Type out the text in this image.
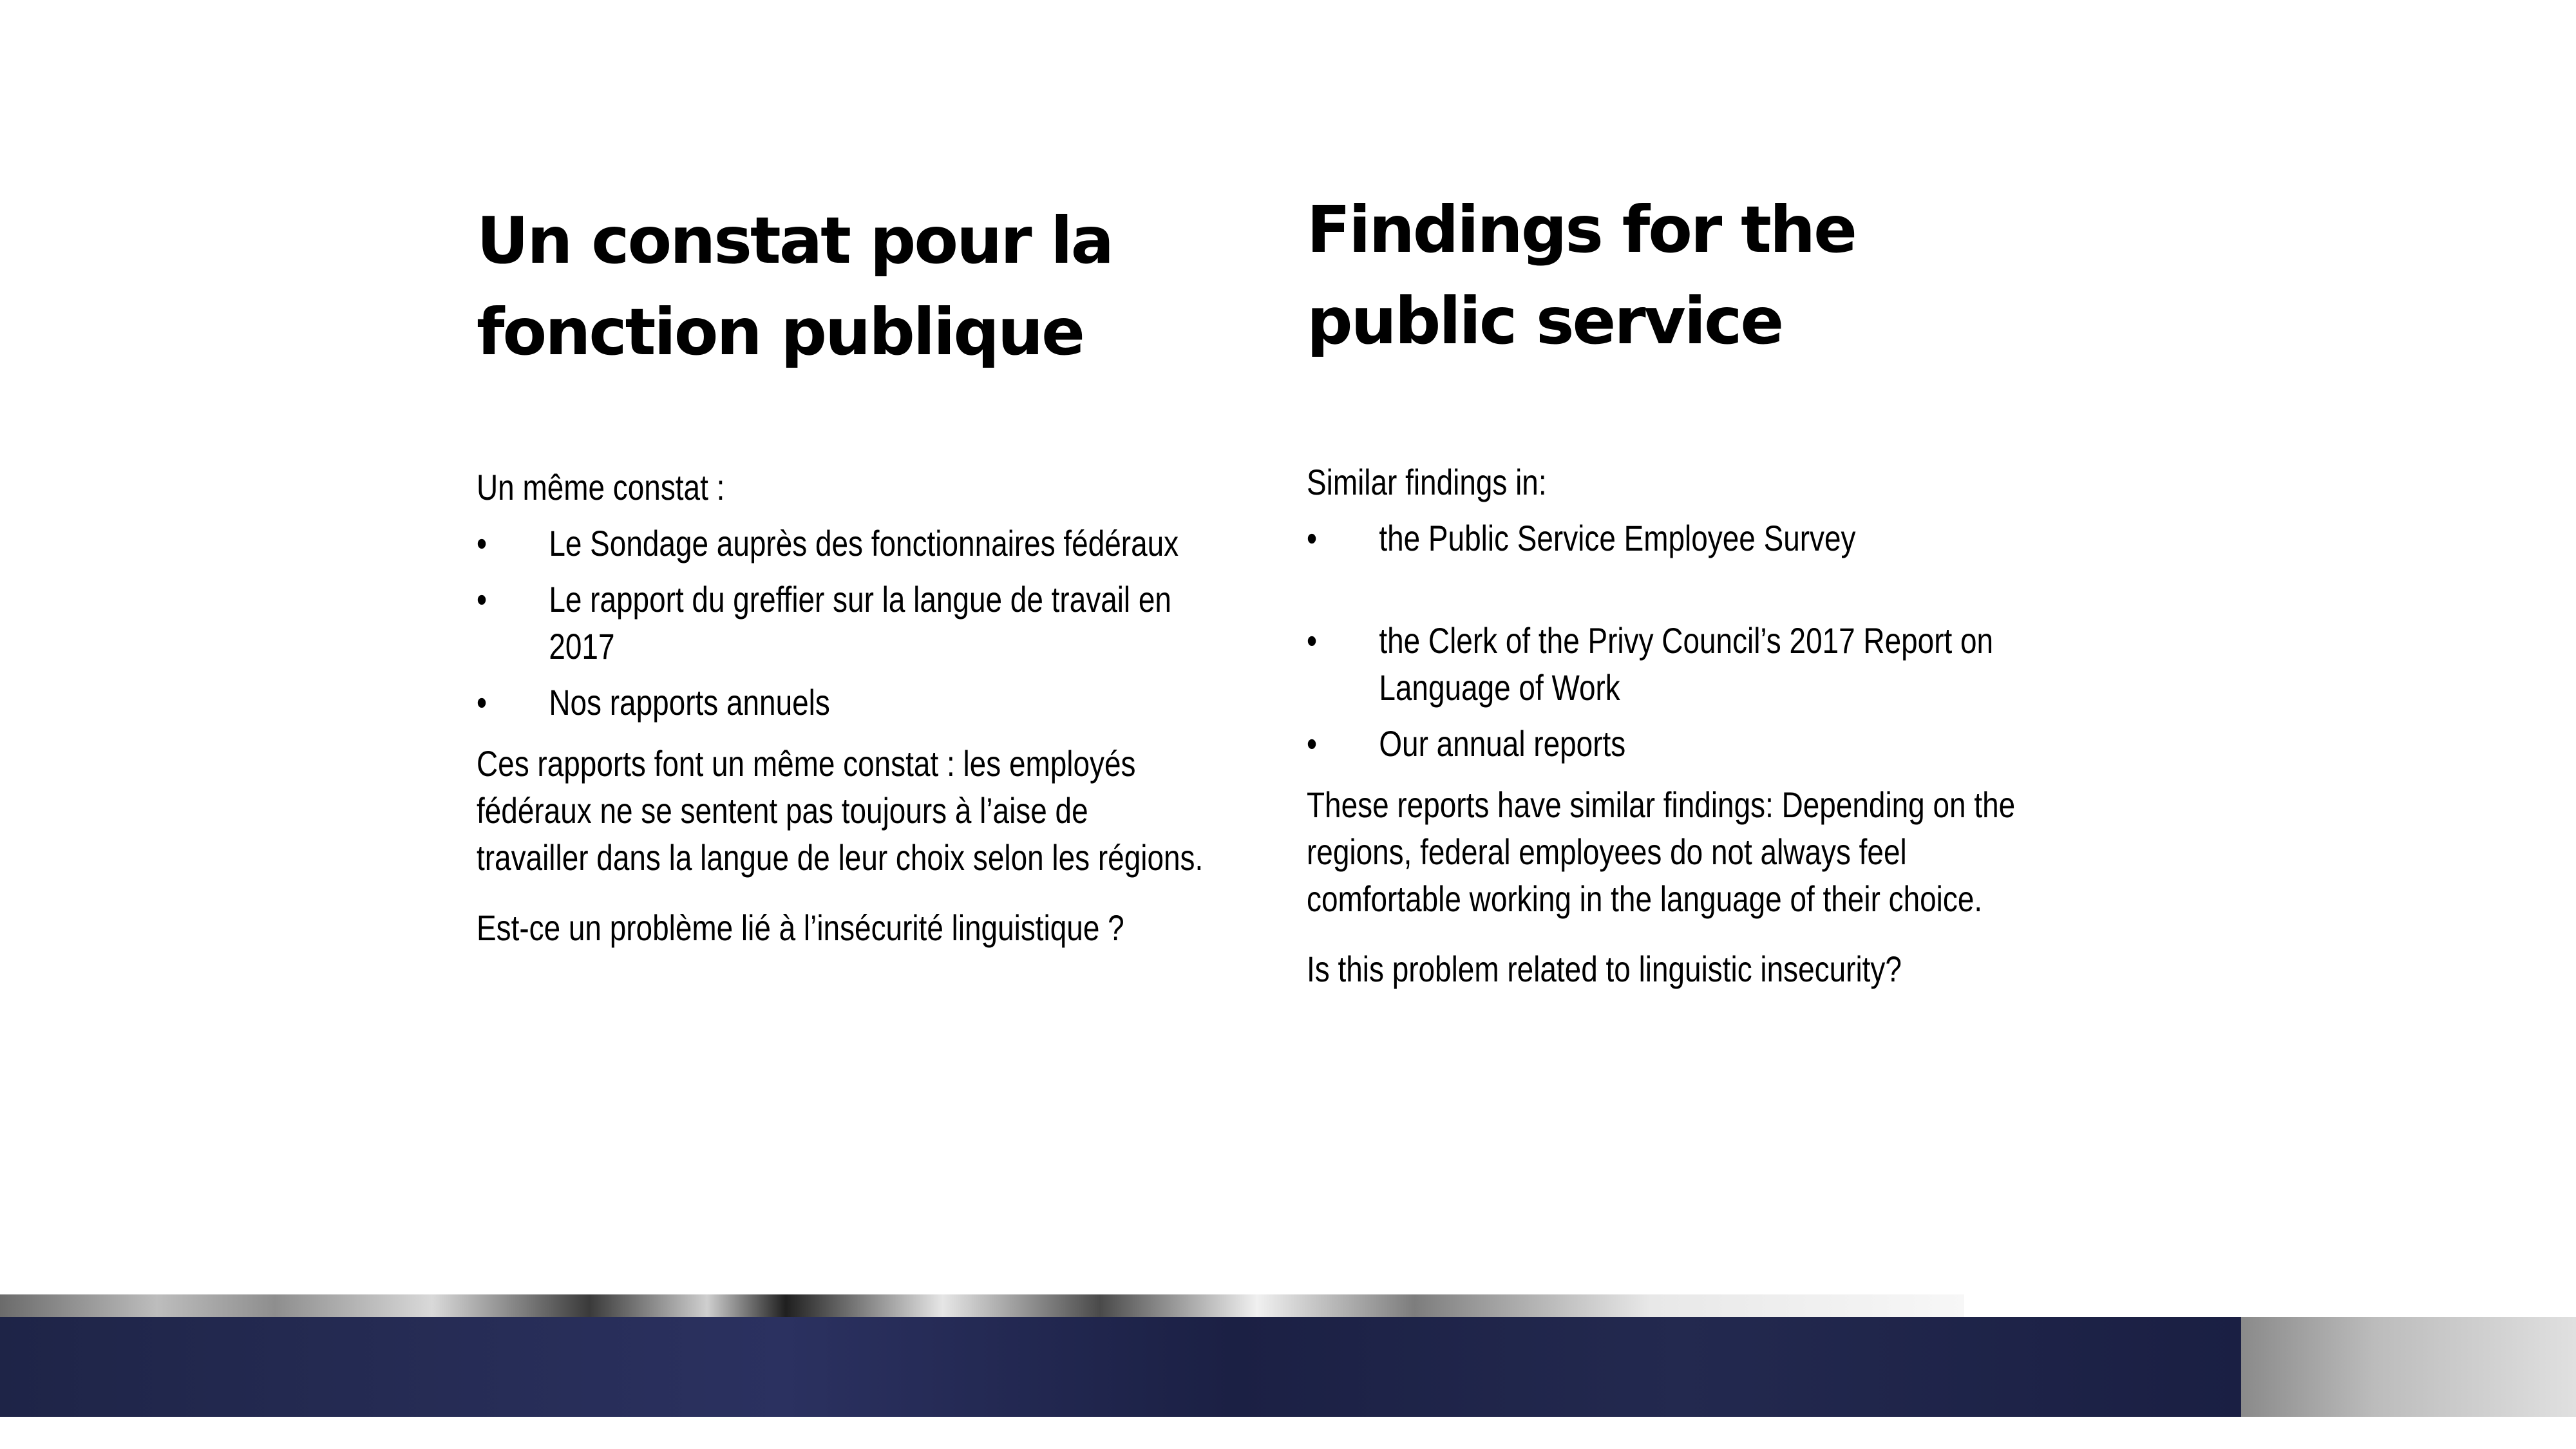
Un constat pour la
fonction publique

Un même constat :

• Le Sondage auprès des fonctionnaires fédéraux
• Le rapport du greffier sur la langue de travail en 2017
• Nos rapports annuels

Ces rapports font un même constat : les employés fédéraux ne se sentent pas toujours à l’aise de travailler dans la langue de leur choix selon les régions.

Est-ce un problème lié à l’insécurité linguistique ?

Findings for the
public service

Similar findings in:

• the Public Service Employee Survey
• the Clerk of the Privy Council’s 2017 Report on Language of Work
• Our annual reports

These reports have similar findings: Depending on the regions, federal employees do not always feel comfortable working in the language of their choice.

Is this problem related to linguistic insecurity?
